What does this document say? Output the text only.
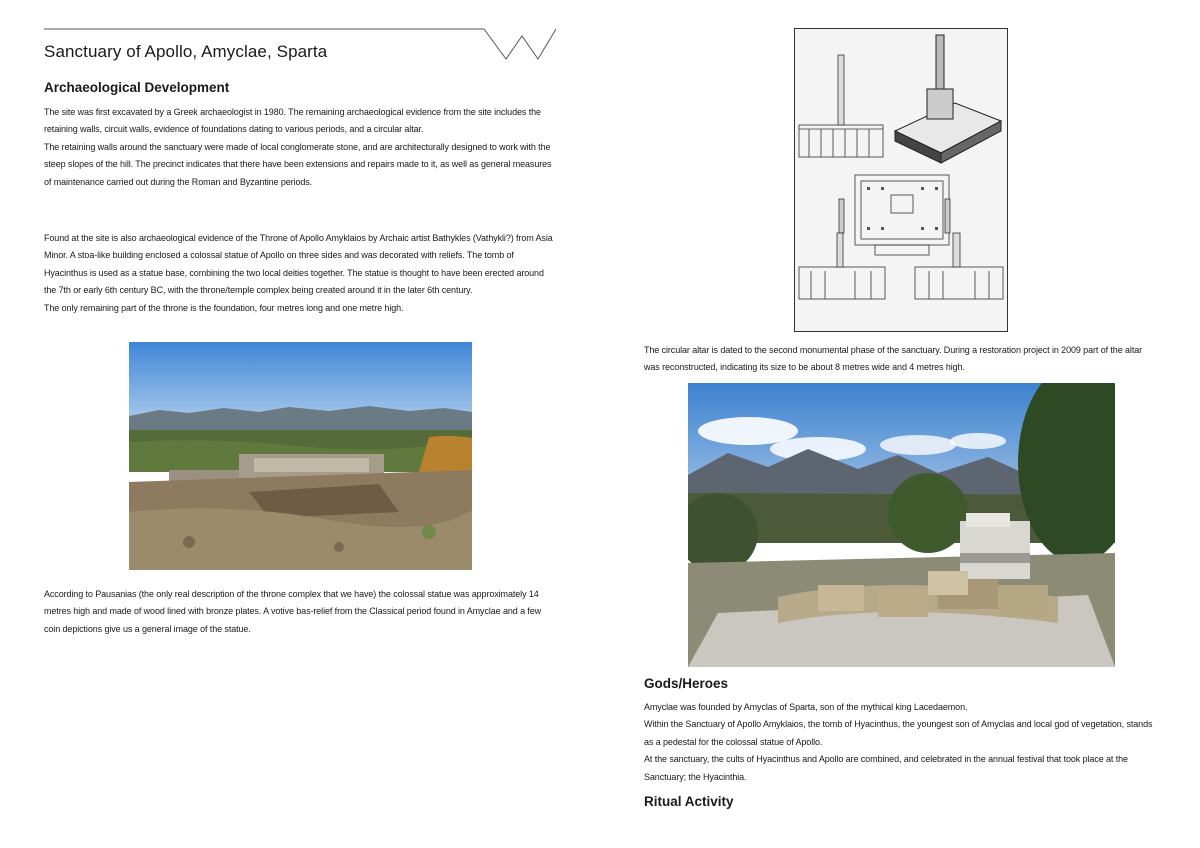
Sanctuary of Apollo, Amyclae, Sparta
Archaeological Development

The site was first excavated by a Greek archaeologist in 1980. The remaining archaeological evidence from the site includes the retaining walls, circuit walls, evidence of foundations dating to various periods, and a circular altar.

The retaining walls around the sanctuary were made of local conglomerate stone, and are architecturally designed to work with the steep slopes of the hill. The precinct indicates that there have been extensions and repairs made to it, as well as general measures of maintenance carried out during the Roman and Byzantine periods.

Found at the site is also archaeological evidence of the Throne of Apollo Amyklaios by Archaic artist Bathykles (Vathykli?) from Asia Minor. A stoa-like building enclosed a colossal statue of Apollo on three sides and was decorated with reliefs. The tomb of Hyacinthus is used as a statue base, combining the two local deities together. The statue is thought to have been erected around the 7th or early 6th century BC, with the throne/temple complex being created around it in the later 6th century.

The only remaining part of the throne is the foundation, four metres long and one metre high.

According to Pausanias (the only real description of the throne complex that we have) the colossal statue was approximately 14 metres high and made of wood lined with bronze plates. A votive bas-relief from the Classical period found in Amyclae and a few coin depictions give us a general image of the statue.

The circular altar is dated to the second monumental phase of the sanctuary. During a restoration project in 2009 part of the altar was reconstructed, indicating its size to be about 8 metres wide and 4 metres high.

Gods/Heroes

Amyclae was founded by Amyclas of Sparta, son of the mythical king Lacedaemon.

Within the Sanctuary of Apollo Amyklaios, the tomb of Hyacinthus, the youngest son of Amyclas and local god of vegetation, stands as a pedestal for the colossal statue of Apollo.

At the sanctuary, the cults of Hyacinthus and Apollo are combined, and celebrated in the annual festival that took place at the Sanctuary; the Hyacinthia.

Ritual Activity
